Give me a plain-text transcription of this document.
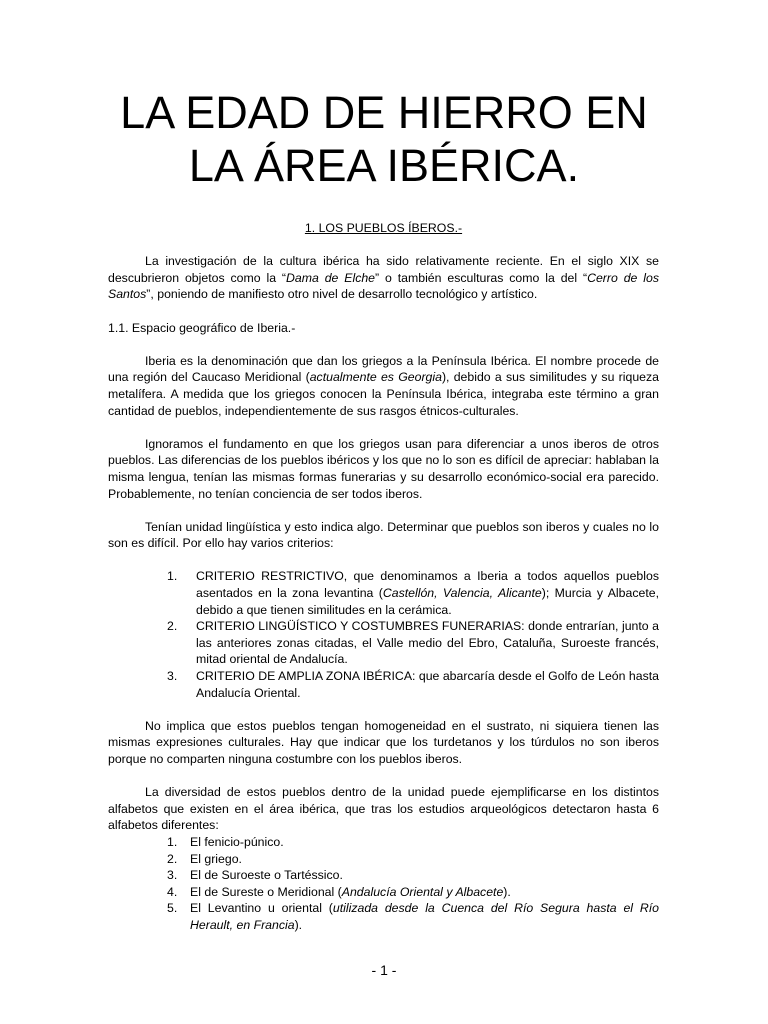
LA EDAD DE HIERRO EN
LA ÁREA IBÉRICA.

1. LOS PUEBLOS ÍBEROS.-

La investigación de la cultura ibérica ha sido relativamente reciente. En el siglo XIX se descubrieron objetos como la “Dama de Elche” o también esculturas como la del “Cerro de los Santos”, poniendo de manifiesto otro nivel de desarrollo tecnológico y artístico.

1.1. Espacio geográfico de Iberia.-

Iberia es la denominación que dan los griegos a la Península Ibérica. El nombre procede de una región del Caucaso Meridional (actualmente es Georgia), debido a sus similitudes y su riqueza metalífera. A medida que los griegos conocen la Península Ibérica, integraba este término a gran cantidad de pueblos, independientemente de sus rasgos étnicos-culturales.

Ignoramos el fundamento en que los griegos usan para diferenciar a unos iberos de otros pueblos. Las diferencias de los pueblos ibéricos y los que no lo son es difícil de apreciar: hablaban la misma lengua, tenían las mismas formas funerarias y su desarrollo económico-social era parecido. Probablemente, no tenían conciencia de ser todos iberos.

Tenían unidad lingüística y esto indica algo. Determinar que pueblos son iberos y cuales no lo son es difícil. Por ello hay varios criterios:

1. CRITERIO RESTRICTIVO, que denominamos a Iberia a todos aquellos pueblos asentados en la zona levantina (Castellón, Valencia, Alicante); Murcia y Albacete, debido a que tienen similitudes en la cerámica.
2. CRITERIO LINGÜÍSTICO Y COSTUMBRES FUNERARIAS: donde entrarían, junto a las anteriores zonas citadas, el Valle medio del Ebro, Cataluña, Suroeste francés, mitad oriental de Andalucía.
3. CRITERIO DE AMPLIA ZONA IBÉRICA: que abarcaría desde el Golfo de León hasta Andalucía Oriental.

No implica que estos pueblos tengan homogeneidad en el sustrato, ni siquiera tienen las mismas expresiones culturales. Hay que indicar que los turdetanos y los túrdulos no son iberos porque no comparten ninguna costumbre con los pueblos iberos.

La diversidad de estos pueblos dentro de la unidad puede ejemplificarse en los distintos alfabetos que existen en el área ibérica, que tras los estudios arqueológicos detectaron hasta 6 alfabetos diferentes:

1. El fenicio-púnico.
2. El griego.
3. El de Suroeste o Tartéssico.
4. El de Sureste o Meridional (Andalucía Oriental y Albacete).
5. El Levantino u oriental (utilizada desde la Cuenca del Río Segura hasta el Río Herault, en Francia).
- 1 -
